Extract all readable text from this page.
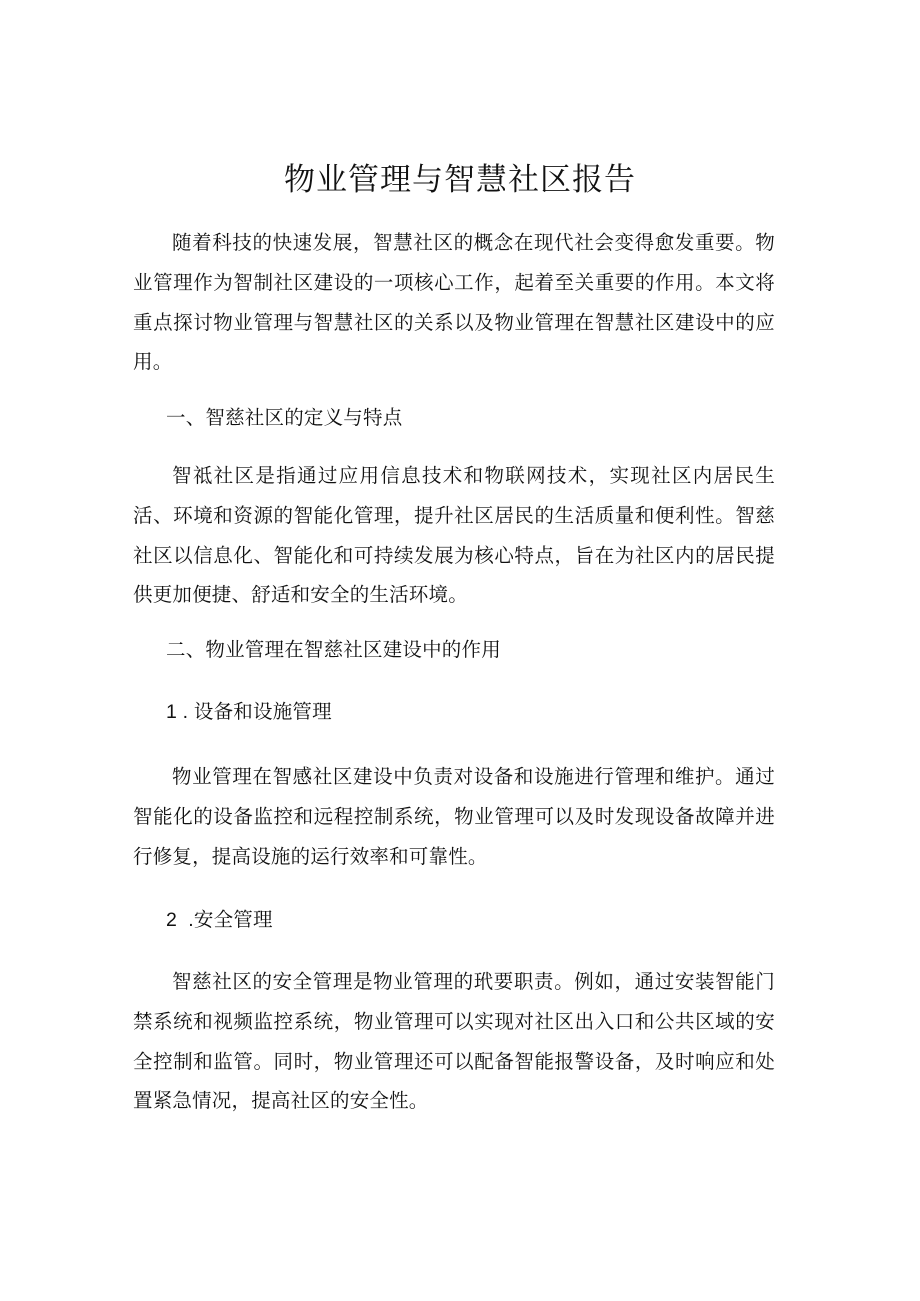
物业管理与智慧社区报告

随着科技的快速发展，智慧社区的概念在现代社会变得愈发重要。物业管理作为智制社区建设的一项核心工作，起着至关重要的作用。本文将重点探讨物业管理与智慧社区的关系以及物业管理在智慧社区建设中的应用。

一、智慈社区的定义与特点

智祗社区是指通过应用信息技术和物联网技术，实现社区内居民生活、环境和资源的智能化管理，提升社区居民的生活质量和便利性。智慈社区以信息化、智能化和可持续发展为核心特点，旨在为社区内的居民提供更加便捷、舒适和安全的生活环境。

二、物业管理在智慈社区建设中的作用

1 . 设备和设施管理

物业管理在智感社区建设中负责对设备和设施进行管理和维护。通过智能化的设备监控和远程控制系统，物业管理可以及时发现设备故障并进行修复，提高设施的运行效率和可靠性。

2  .安全管理

智慈社区的安全管理是物业管理的玳要职责。例如，通过安装智能门禁系统和视频监控系统，物业管理可以实现对社区出入口和公共区域的安全控制和监管。同时，物业管理还可以配备智能报警设备，及时响应和处置紧急情况，提高社区的安全性。
